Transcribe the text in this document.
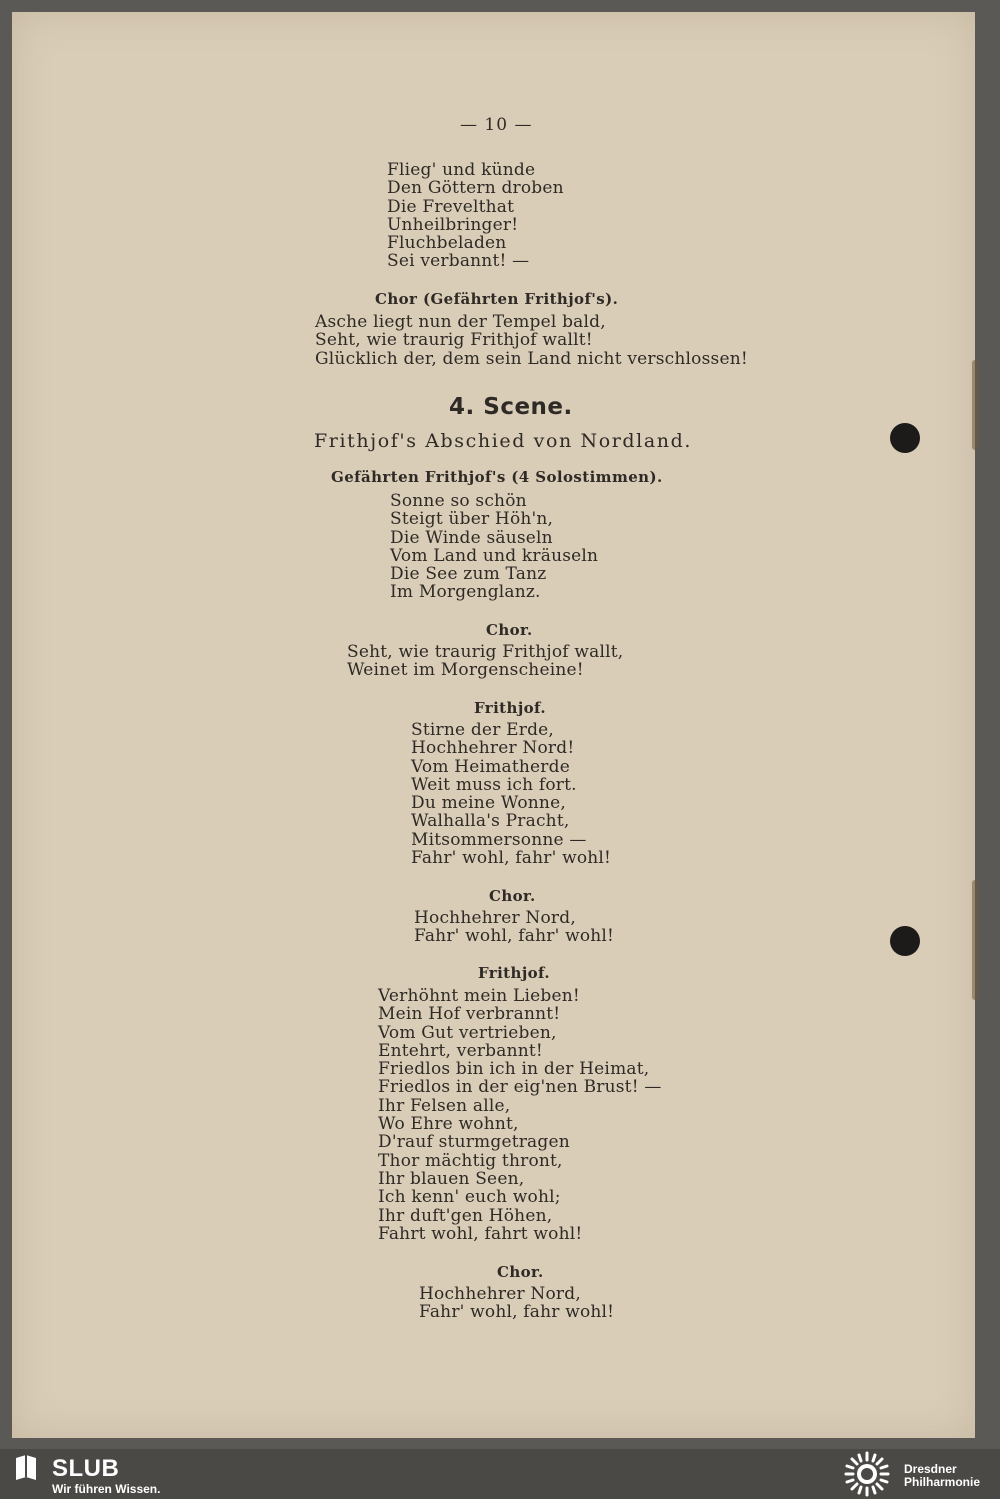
— 10 —
Flieg' und künde
Den Göttern droben
Die Frevelthat
Unheilbringer!
Fluchbeladen
Sei verbannt! —
Chor (Gefährten Frithjof's).
Asche liegt nun der Tempel bald,
Seht, wie traurig Frithjof wallt!
Glücklich der, dem sein Land nicht verschlossen!
4. Scene.
Frithjof's Abschied von Nordland.
Gefährten Frithjof's (4 Solostimmen).
Sonne so schön
Steigt über Höh'n,
Die Winde säuseln
Vom Land und kräuseln
Die See zum Tanz
Im Morgenglanz.
Chor.
Seht, wie traurig Frithjof wallt,
Weinet im Morgenscheine!
Frithjof.
Stirne der Erde,
Hochhehrer Nord!
Vom Heimatherde
Weit muss ich fort.
Du meine Wonne,
Walhalla's Pracht,
Mitsommersonne —
Fahr' wohl, fahr' wohl!
Chor.
Hochhehrer Nord,
Fahr' wohl, fahr' wohl!
Frithjof.
Verhöhnt mein Lieben!
Mein Hof verbrannt!
Vom Gut vertrieben,
Entehrt, verbannt!
Friedlos bin ich in der Heimat,
Friedlos in der eig'nen Brust! —
Ihr Felsen alle,
Wo Ehre wohnt,
D'rauf sturmgetragen
Thor mächtig thront,
Ihr blauen Seen,
Ich kenn' euch wohl;
Ihr duft'gen Höhen,
Fahrt wohl, fahrt wohl!
Chor.
Hochhehrer Nord,
Fahr' wohl, fahr wohl!
SLUB
Wir führen Wissen.
Dresdner
Philharmonie
